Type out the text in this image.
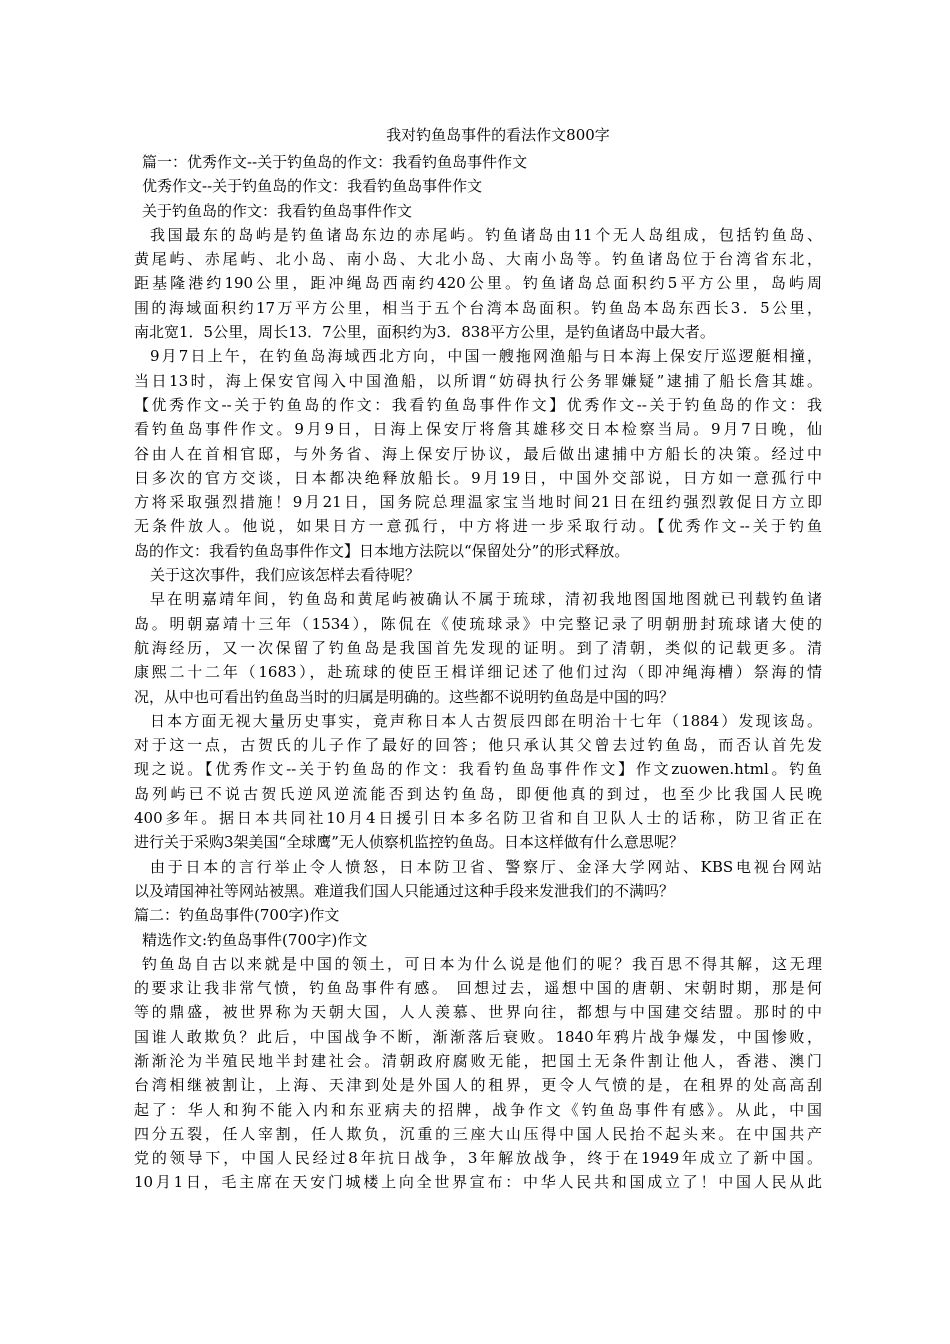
我对钓鱼岛事件的看法作文800字
篇一：优秀作文--关于钓鱼岛的作文：我看钓鱼岛事件作文
优秀作文--关于钓鱼岛的作文：我看钓鱼岛事件作文
关于钓鱼岛的作文：我看钓鱼岛事件作文
我国最东的岛屿是钓鱼诸岛东边的赤尾屿。钓鱼诸岛由11个无人岛组成，包括钓鱼岛、
黄尾屿、赤尾屿、北小岛、南小岛、大北小岛、大南小岛等。钓鱼诸岛位于台湾省东北，
距基隆港约190公里，距冲绳岛西南约420公里。钓鱼诸岛总面积约5平方公里，岛屿周
围的海域面积约17万平方公里，相当于五个台湾本岛面积。钓鱼岛本岛东西长3．5公里，
南北宽1．5公里，周长13．7公里，面积约为3．838平方公里，是钓鱼诸岛中最大者。
9月7日上午，在钓鱼岛海域西北方向，中国一艘拖网渔船与日本海上保安厅巡逻艇相撞，
当日13时，海上保安官闯入中国渔船，以所谓“妨碍执行公务罪嫌疑”逮捕了船长詹其雄。
【优秀作文--关于钓鱼岛的作文：我看钓鱼岛事件作文】优秀作文--关于钓鱼岛的作文：我
看钓鱼岛事件作文。9月9日，日海上保安厅将詹其雄移交日本检察当局。9月7日晚，仙
谷由人在首相官邸，与外务省、海上保安厅协议，最后做出逮捕中方船长的决策。经过中
日多次的官方交谈，日本都决绝释放船长。9月19日，中国外交部说，日方如一意孤行中
方将采取强烈措施！9月21日，国务院总理温家宝当地时间21日在纽约强烈敦促日方立即
无条件放人。他说，如果日方一意孤行，中方将进一步采取行动。【优秀作文--关于钓鱼
岛的作文：我看钓鱼岛事件作文】日本地方法院以“保留处分”的形式释放。
关于这次事件，我们应该怎样去看待呢？
早在明嘉靖年间，钓鱼岛和黄尾屿被确认不属于琉球，清初我地图国地图就已刊载钓鱼诸
岛。明朝嘉靖十三年（1534），陈侃在《使琉球录》中完整记录了明朝册封琉球诸大使的
航海经历，又一次保留了钓鱼岛是我国首先发现的证明。到了清朝，类似的记载更多。清
康熙二十二年（1683），赴琉球的使臣王楫详细记述了他们过沟（即冲绳海槽）祭海的情
况，从中也可看出钓鱼岛当时的归属是明确的。这些都不说明钓鱼岛是中国的吗？
日本方面无视大量历史事实，竟声称日本人古贺辰四郎在明治十七年（1884）发现该岛。
对于这一点，古贺氏的儿子作了最好的回答；他只承认其父曾去过钓鱼岛，而否认首先发
现之说。【优秀作文--关于钓鱼岛的作文：我看钓鱼岛事件作文】作文zuowen.html。钓鱼
岛列屿已不说古贺氏逆风逆流能否到达钓鱼岛，即便他真的到过，也至少比我国人民晚
400多年。据日本共同社10月4日援引日本多名防卫省和自卫队人士的话称，防卫省正在
进行关于采购3架美国“全球鹰”无人侦察机监控钓鱼岛。日本这样做有什么意思呢？
由于日本的言行举止令人愤怒，日本防卫省、警察厅、金泽大学网站、KBS电视台网站
以及靖国神社等网站被黑。难道我们国人只能通过这种手段来发泄我们的不满吗？
篇二：钓鱼岛事件(700字)作文
精选作文:钓鱼岛事件(700字)作文
钓鱼岛自古以来就是中国的领土，可日本为什么说是他们的呢？我百思不得其解，这无理
的要求让我非常气愤，钓鱼岛事件有感。 回想过去，遥想中国的唐朝、宋朝时期，那是何
等的鼎盛，被世界称为天朝大国，人人羡慕、世界向往，都想与中国建交结盟。那时的中
国谁人敢欺负？此后，中国战争不断，渐渐落后衰败。1840年鸦片战争爆发，中国惨败，
渐渐沦为半殖民地半封建社会。清朝政府腐败无能，把国土无条件割让他人，香港、澳门
台湾相继被割让，上海、天津到处是外国人的租界，更令人气愤的是，在租界的处高高刮
起了：华人和狗不能入内和东亚病夫的招牌，战争作文《钓鱼岛事件有感》。从此，中国
四分五裂，任人宰割，任人欺负，沉重的三座大山压得中国人民抬不起头来。在中国共产
党的领导下，中国人民经过8年抗日战争，3年解放战争，终于在1949年成立了新中国。
10月1日，毛主席在天安门城楼上向全世界宣布：中华人民共和国成立了！中国人民从此
